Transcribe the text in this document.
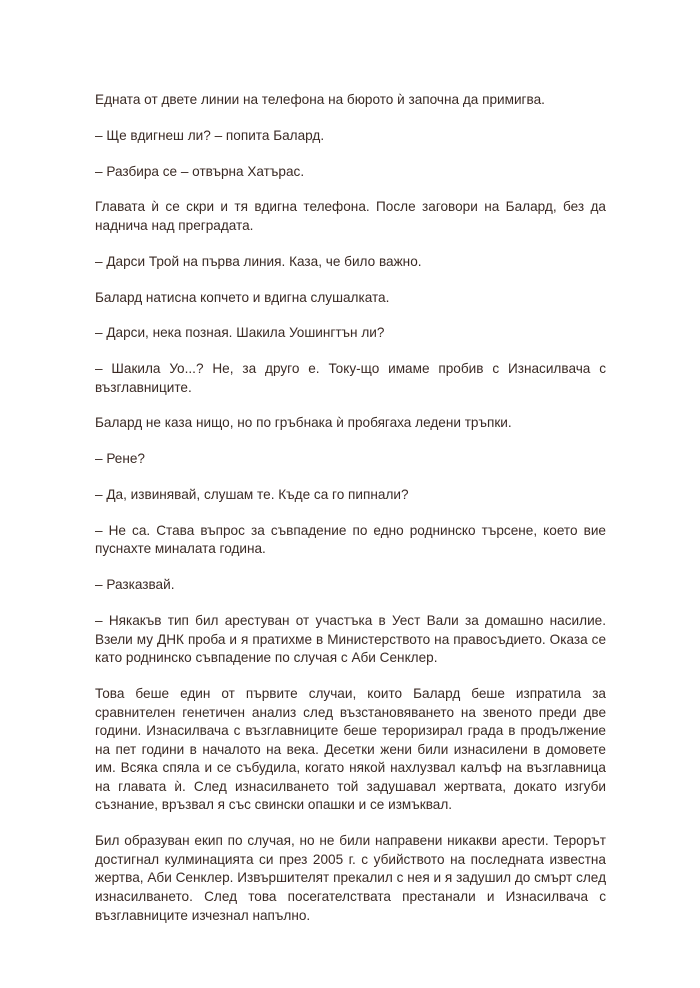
Едната от двете линии на телефона на бюрото ѝ започна да примигва.

– Ще вдигнеш ли? – попита Балард.

– Разбира се – отвърна Хатърас.

Главата ѝ се скри и тя вдигна телефона. После заговори на Балард, без да надничa над преградата.

– Дарси Трой на първа линия. Каза, че било важно.

Балард натисна копчето и вдигна слушалката.

– Дарси, нека позная. Шакила Уошингтън ли?

– Шакила Уо...? Не, за друго е. Току-що имаме пробив с Изнасилвача с възглавниците.

Балард не каза нищо, но по гръбнака ѝ пробягаха ледени тръпки.

– Рене?

– Да, извинявай, слушам те. Къде са го пипнали?

– Не са. Става въпрос за съвпадение по едно роднинско търсене, което вие пуснахте миналата година.

– Разказвай.

– Някакъв тип бил арестуван от участъка в Уест Вали за домашно насилие. Взели му ДНК проба и я пратихме в Министерството на правосъдието. Оказа се като роднинско съвпадение по случая с Аби Сенклер.

Това беше един от първите случаи, които Балард беше изпратила за сравнителен генетичен анализ след възстановяването на звеното преди две години. Изнасилвача с възглавниците беше тероризирал града в продължение на пет години в началото на века. Десетки жени били изнасилени в домовете им. Всяка спяла и се събудила, когато някой нахлузвал калъф на възглавница на главата ѝ. След изнасилването той задушавал жертвата, докато изгуби съзнание, връзвал я със свински опашки и се измъквал.

Бил образуван екип по случая, но не били направени никакви арести. Терорът достигнал кулминацията си през 2005 г. с убийството на последната известна жертва, Аби Сенклер. Извършителят прекалил с нея и я задушил до смърт след изнасилването. След това посегателствата престанали и Изнасилвача с възглавниците изчезнал напълно.
